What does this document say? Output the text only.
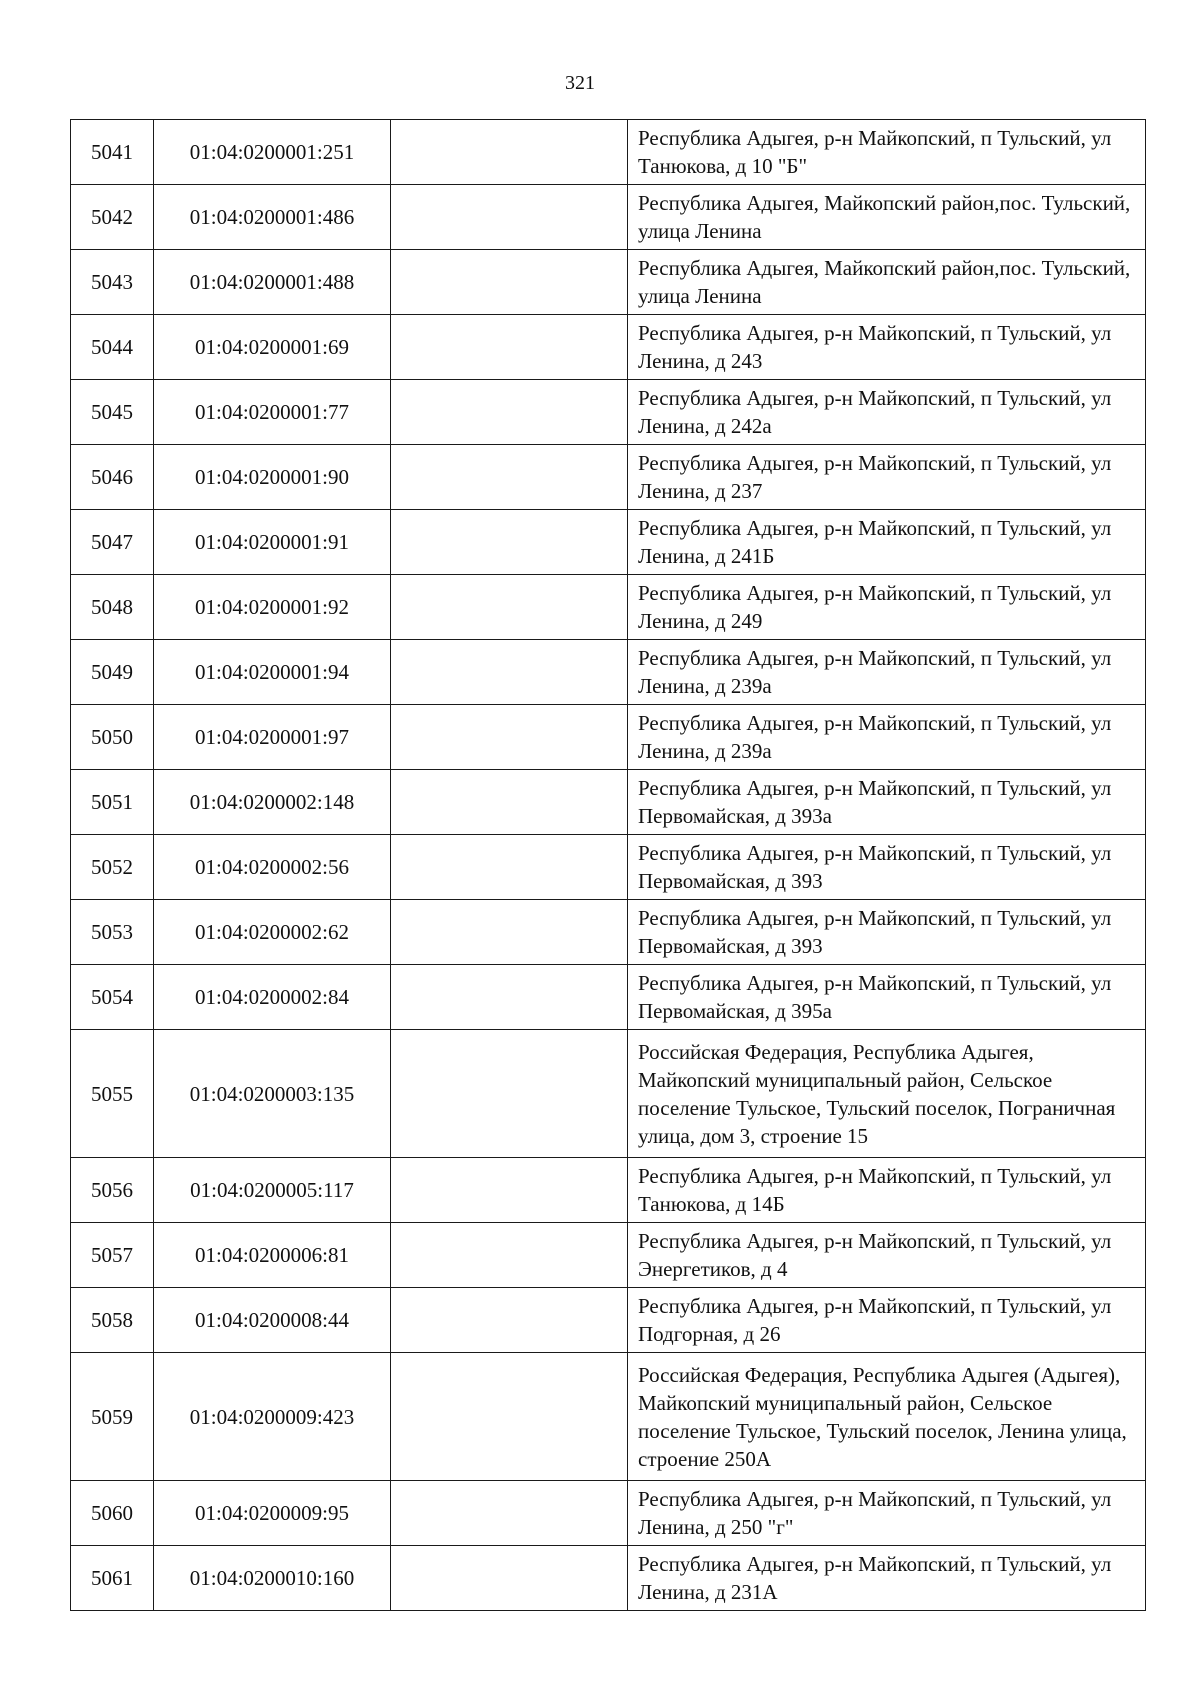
321
5041	01:04:0200001:251		Республика Адыгея, р-н Майкопский, п Тульский, ул Танюкова, д 10 "Б"
5042	01:04:0200001:486		Республика Адыгея, Майкопский район,пос. Тульский, улица Ленина
5043	01:04:0200001:488		Республика Адыгея, Майкопский район,пос. Тульский, улица Ленина
5044	01:04:0200001:69		Республика Адыгея, р-н Майкопский, п Тульский, ул Ленина, д 243
5045	01:04:0200001:77		Республика Адыгея, р-н Майкопский, п Тульский, ул Ленина, д 242а
5046	01:04:0200001:90		Республика Адыгея, р-н Майкопский, п Тульский, ул Ленина, д 237
5047	01:04:0200001:91		Республика Адыгея, р-н Майкопский, п Тульский, ул Ленина, д 241Б
5048	01:04:0200001:92		Республика Адыгея, р-н Майкопский, п Тульский, ул Ленина, д 249
5049	01:04:0200001:94		Республика Адыгея, р-н Майкопский, п Тульский, ул Ленина, д 239а
5050	01:04:0200001:97		Республика Адыгея, р-н Майкопский, п Тульский, ул Ленина, д 239а
5051	01:04:0200002:148		Республика Адыгея, р-н Майкопский, п Тульский, ул Первомайская, д 393а
5052	01:04:0200002:56		Республика Адыгея, р-н Майкопский, п Тульский, ул Первомайская, д 393
5053	01:04:0200002:62		Республика Адыгея, р-н Майкопский, п Тульский, ул Первомайская, д 393
5054	01:04:0200002:84		Республика Адыгея, р-н Майкопский, п Тульский, ул Первомайская, д 395а
5055	01:04:0200003:135		Российская Федерация, Республика Адыгея, Майкопский муниципальный район, Сельское поселение Тульское, Тульский поселок, Пограничная улица, дом 3, строение 15
5056	01:04:0200005:117		Республика Адыгея, р-н Майкопский, п Тульский, ул Танюкова, д 14Б
5057	01:04:0200006:81		Республика Адыгея, р-н Майкопский, п Тульский, ул Энергетиков, д 4
5058	01:04:0200008:44		Республика Адыгея, р-н Майкопский, п Тульский, ул Подгорная, д 26
5059	01:04:0200009:423		Российская Федерация, Республика Адыгея (Адыгея), Майкопский муниципальный район, Сельское поселение Тульское, Тульский поселок, Ленина улица, строение 250А
5060	01:04:0200009:95		Республика Адыгея, р-н Майкопский, п Тульский, ул Ленина, д 250 "г"
5061	01:04:0200010:160		Республика Адыгея, р-н Майкопский, п Тульский, ул Ленина, д 231А
